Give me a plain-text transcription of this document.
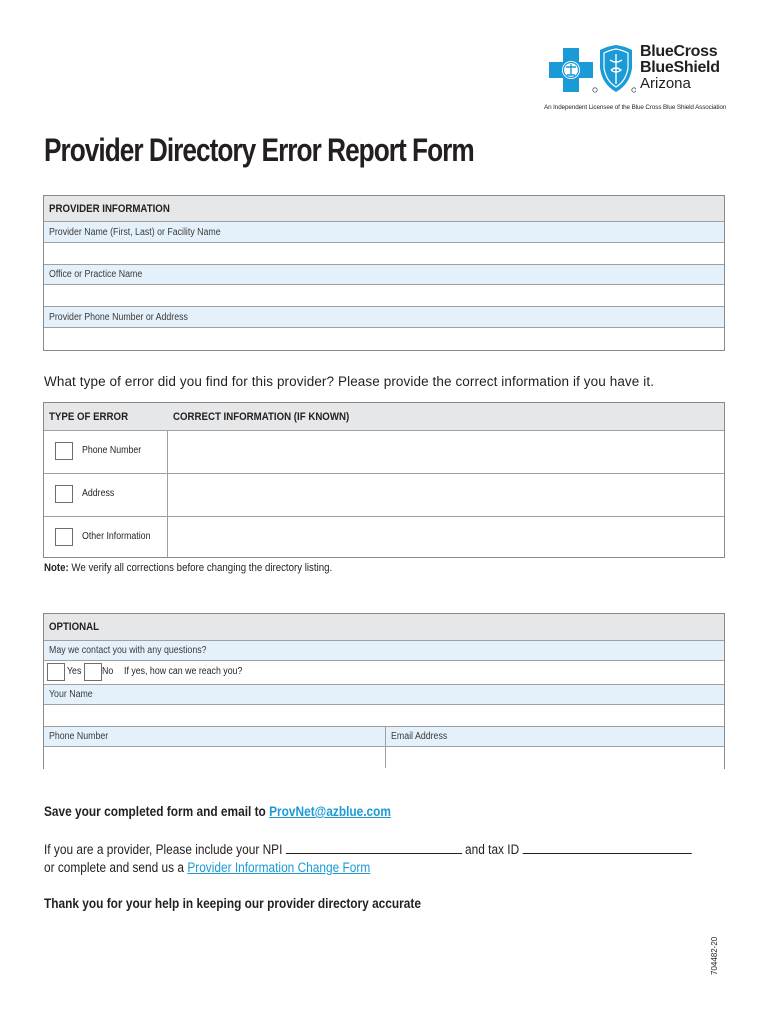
BlueCross
BlueShield
Arizona
An Independent Licensee of the Blue Cross Blue Shield Association
Provider Directory Error Report Form
PROVIDER INFORMATION
Provider Name (First, Last) or Facility Name
Office or Practice Name
Provider Phone Number or Address
What type of error did you find for this provider? Please provide the correct information if you have it.
TYPE OF ERROR	CORRECT INFORMATION (IF KNOWN)
Phone Number
Address
Other Information
Note: We verify all corrections before changing the directory listing.
OPTIONAL
May we contact you with any questions?
Yes No If yes, how can we reach you?
Your Name
Phone Number	Email Address
Save your completed form and email to ProvNet@azblue.com
If you are a provider, Please include your NPI	and tax ID
or complete and send us a Provider Information Change Form
Thank you for your help in keeping our provider directory accurate
704482-20
